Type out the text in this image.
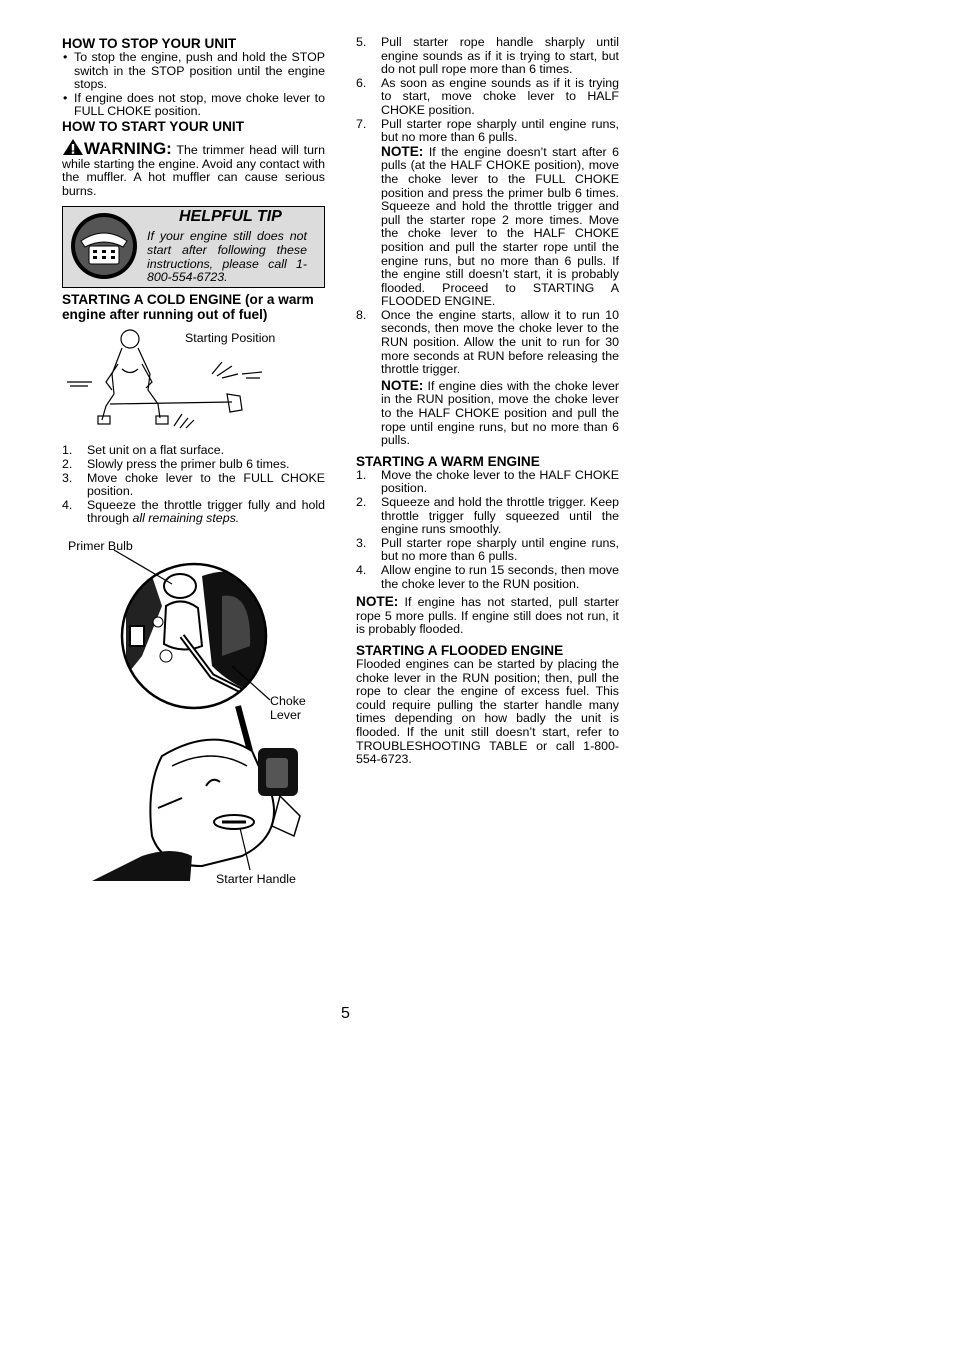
HOW TO STOP YOUR UNIT
• To stop the engine, push and hold the STOP switch in the STOP position until the engine stops.
• If engine does not stop, move choke lever to FULL CHOKE position.
HOW TO START YOUR UNIT

WARNING: The trimmer head will turn while starting the engine. Avoid any contact with the muffler. A hot muffler can cause serious burns.

HELPFUL TIP
If your engine still does not start after following these instructions, please call 1-800-554-6723.
STARTING A COLD ENGINE (or a warm engine after running out of fuel)
Starting Position
1. Set unit on a flat surface.
2. Slowly press the primer bulb 6 times.
3. Move choke lever to the FULL CHOKE position.
4. Squeeze the throttle trigger fully and hold through all remaining steps.
Primer Bulb
Choke
Lever
Starter Handle
5. Pull starter rope handle sharply until engine sounds as if it is trying to start, but do not pull rope more than 6 times.
6. As soon as engine sounds as if it is trying to start, move choke lever to HALF CHOKE position.
7. Pull starter rope sharply until engine runs, but no more than 6 pulls.

NOTE: If the engine doesn’t start after 6 pulls (at the HALF CHOKE position), move the choke lever to the FULL CHOKE position and press the primer bulb 6 times. Squeeze and hold the throttle trigger and pull the starter rope 2 more times. Move the choke lever to the HALF CHOKE position and pull the starter rope until the engine runs, but no more than 6 pulls. If the engine still doesn’t start, it is probably flooded. Proceed to STARTING A FLOODED ENGINE.

8. Once the engine starts, allow it to run 10 seconds, then move the choke lever to the RUN position. Allow the unit to run for 30 more seconds at RUN before releasing the throttle trigger.

NOTE: If engine dies with the choke lever in the RUN position, move the choke lever to the HALF CHOKE position and pull the rope until engine runs, but no more than 6 pulls.

STARTING A WARM ENGINE
1. Move the choke lever to the HALF CHOKE position.
2. Squeeze and hold the throttle trigger. Keep throttle trigger fully squeezed until the engine runs smoothly.
3. Pull starter rope sharply until engine runs, but no more than 6 pulls.
4. Allow engine to run 15 seconds, then move the choke lever to the RUN position.

NOTE: If engine has not started, pull starter rope 5 more pulls. If engine still does not run, it is probably flooded.

STARTING A FLOODED ENGINE

Flooded engines can be started by placing the choke lever in the RUN position; then, pull the rope to clear the engine of excess fuel. This could require pulling the starter handle many times depending on how badly the unit is flooded. If the unit still doesn’t start, refer to TROUBLESHOOTING TABLE or call 1-800-554-6723.

5
